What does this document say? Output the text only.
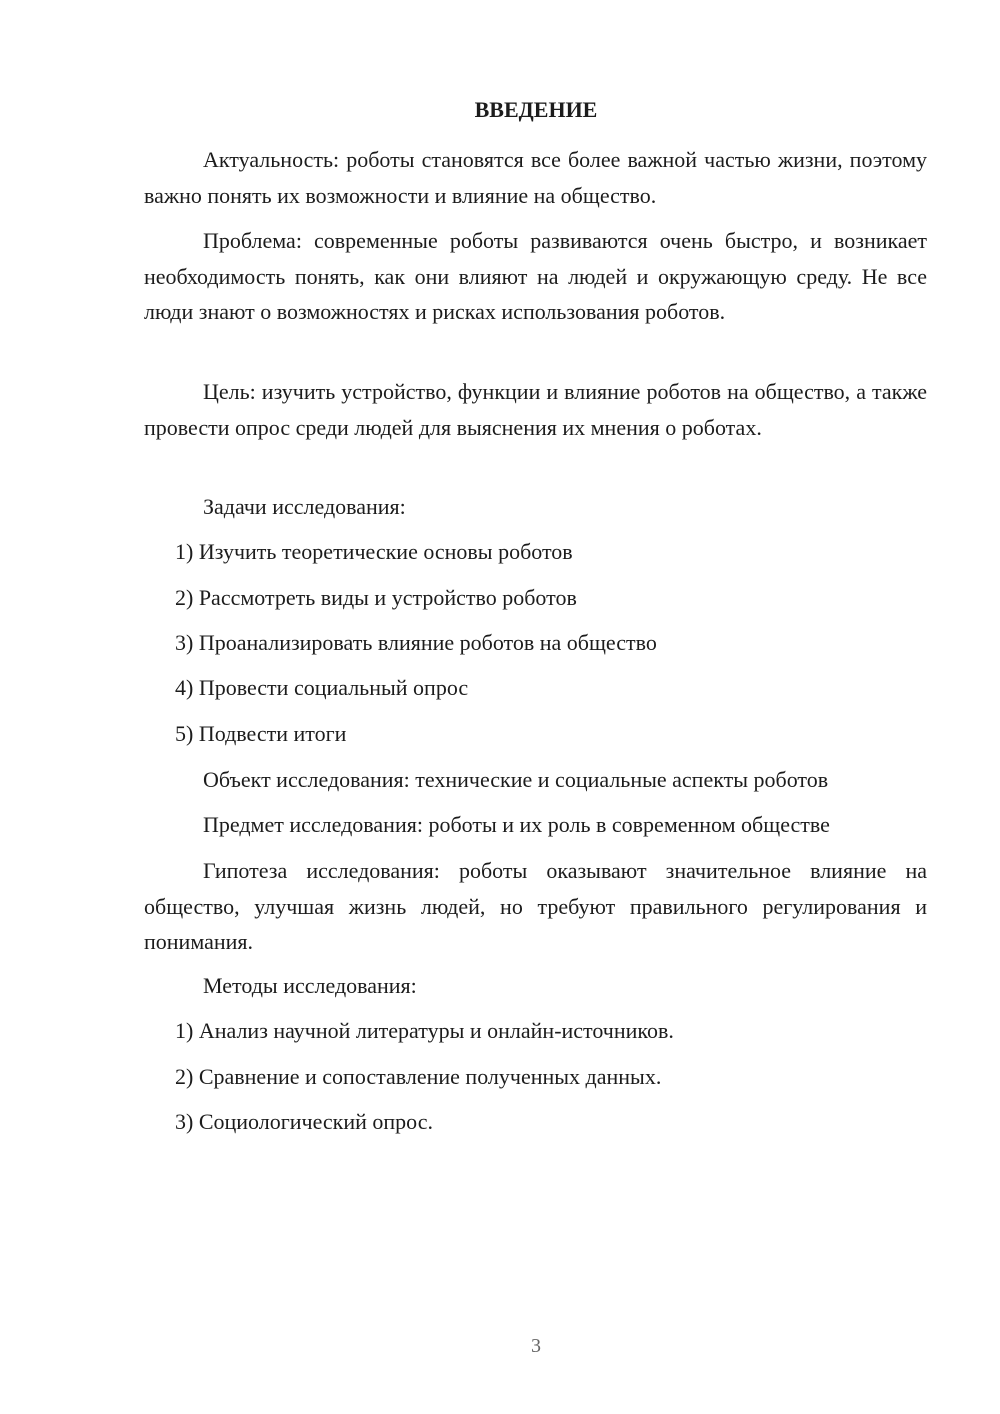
ВВЕДЕНИЕ

Актуальность: роботы становятся все более важной частью жизни, поэтому важно понять их возможности и влияние на общество.

Проблема: современные роботы развиваются очень быстро, и возникает необходимость понять, как они влияют на людей и окружающую среду. Не все люди знают о возможностях и рисках использования роботов.

Цель: изучить устройство, функции и влияние роботов на общество, а также провести опрос среди людей для выяснения их мнения о роботах.

Задачи исследования:

1) Изучить теоретические основы роботов

2) Рассмотреть виды и устройство роботов

3) Проанализировать влияние роботов на общество

4) Провести социальный опрос

5) Подвести итоги

Объект исследования: технические и социальные аспекты роботов

Предмет исследования: роботы и их роль в современном обществе

Гипотеза исследования: роботы оказывают значительное влияние на общество, улучшая жизнь людей, но требуют правильного регулирования и понимания.

Методы исследования:

1) Анализ научной литературы и онлайн-источников.

2) Сравнение и сопоставление полученных данных.

3) Социологический опрос.

3
